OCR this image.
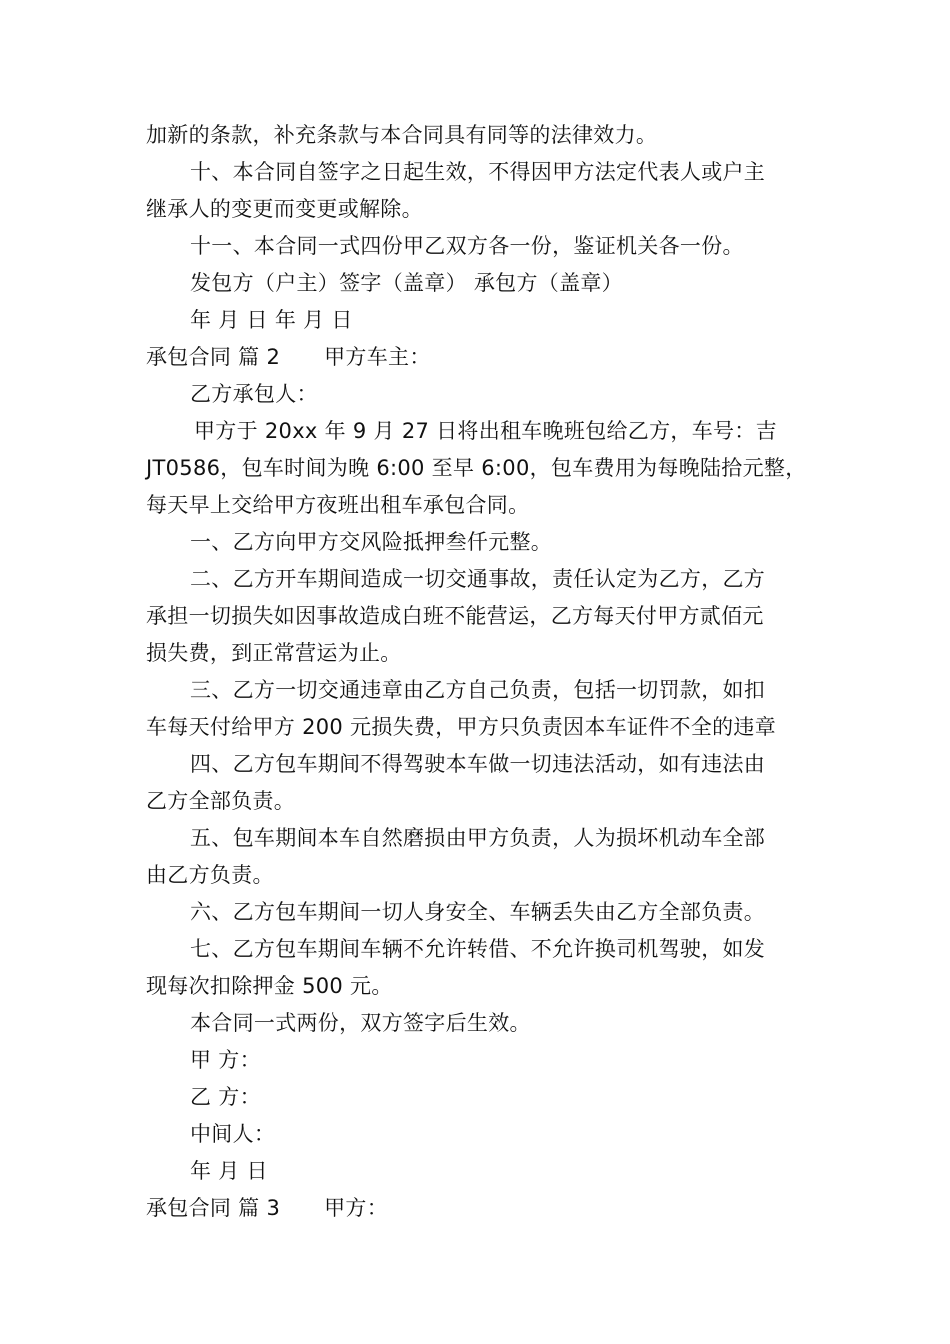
加新的条款，补充条款与本合同具有同等的法律效力。
十、本合同自签字之日起生效，不得因甲方法定代表人或户主
继承人的变更而变更或解除。
十一、本合同一式四份甲乙双方各一份，鉴证机关各一份。
发包方（户主）签字（盖章） 承包方（盖章）
年 月 日 年 月 日
承包合同 篇 2 甲方车主：
乙方承包人：
甲方于 20xx 年 9 月 27 日将出租车晚班包给乙方，车号：吉
JT0586，包车时间为晚 6:00 至早 6:00，包车费用为每晚陆拾元整，
每天早上交给甲方夜班出租车承包合同。
一、乙方向甲方交风险抵押叁仟元整。
二、乙方开车期间造成一切交通事故，责任认定为乙方，乙方
承担一切损失如因事故造成白班不能营运，乙方每天付甲方贰佰元
损失费，到正常营运为止。
三、乙方一切交通违章由乙方自己负责，包括一切罚款，如扣
车每天付给甲方 200 元损失费，甲方只负责因本车证件不全的违章
四、乙方包车期间不得驾驶本车做一切违法活动，如有违法由
乙方全部负责。
五、包车期间本车自然磨损由甲方负责，人为损坏机动车全部
由乙方负责。
六、乙方包车期间一切人身安全、车辆丢失由乙方全部负责。
七、乙方包车期间车辆不允许转借、不允许换司机驾驶，如发
现每次扣除押金 500 元。
本合同一式两份，双方签字后生效。
甲 方：
乙 方：
中间人：
年 月 日
承包合同 篇 3 甲方：
